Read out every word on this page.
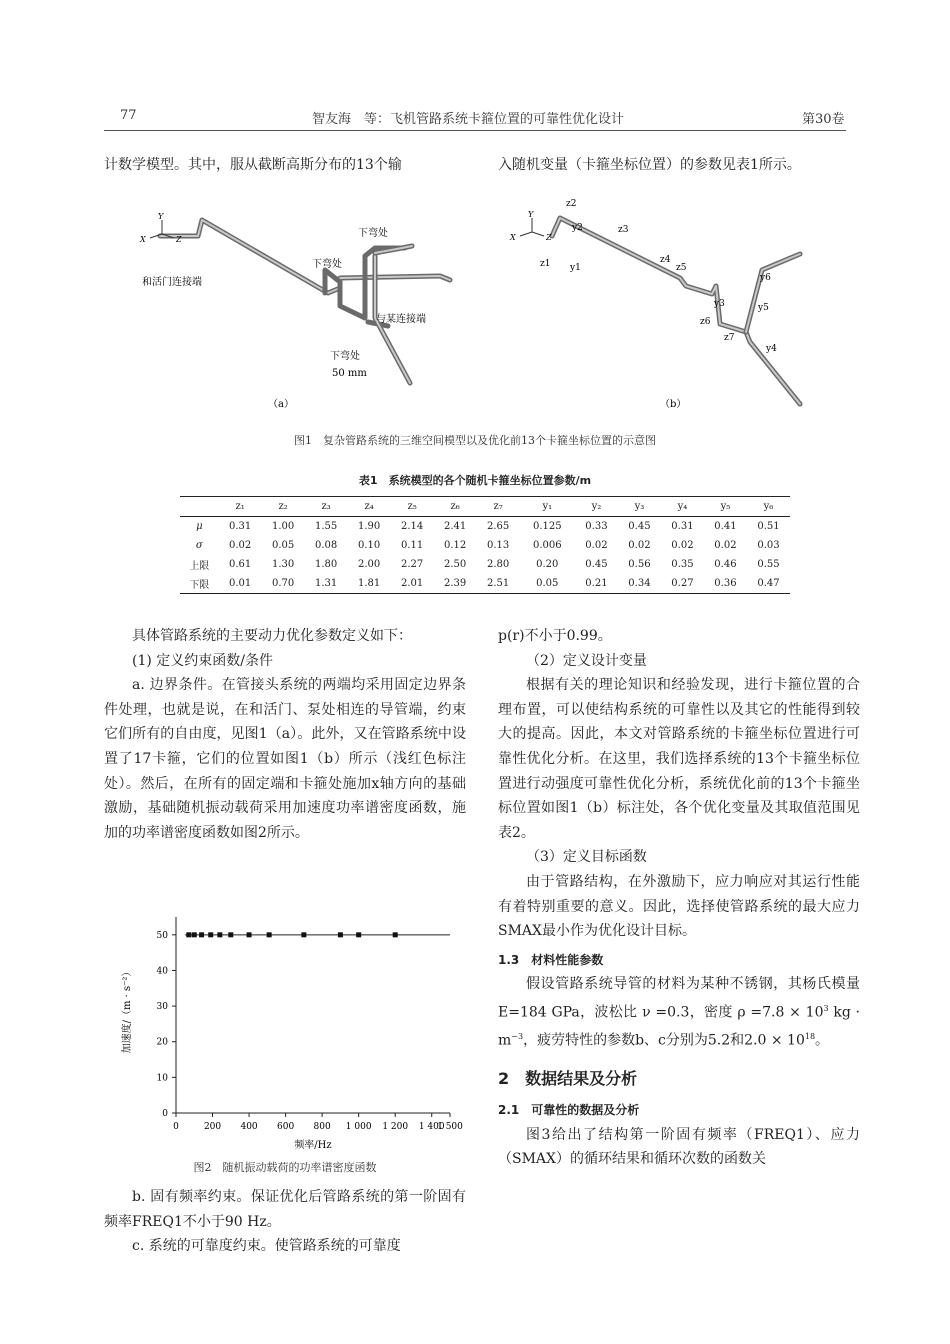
77	智友海　等：飞机管路系统卡箍位置的可靠性优化设计	第30卷
计数学模型。其中，服从截断高斯分布的13个输	入随机变量（卡箍坐标位置）的参数见表1所示。
Y
X	Z
下弯处
下弯处
和活门连接端
与某连接端
下弯处
50 mm
（a）
Y
X	Z
z1
z2
z3
z4
z5
z6
z7
y1
y2
y3
y4
y5
y6
（b）
图1　复杂管路系统的三维空间模型以及优化前13个卡箍坐标位置的示意图
表1　系统模型的各个随机卡箍坐标位置参数/m
	z₁	z₂	z₃	z₄	z₅	z₆	z₇	y₁	y₂	y₃	y₄	y₅	y₆
μ	0.31	1.00	1.55	1.90	2.14	2.41	2.65	0.125	0.33	0.45	0.31	0.41	0.51
σ	0.02	0.05	0.08	0.10	0.11	0.12	0.13	0.006	0.02	0.02	0.02	0.02	0.03
上限	0.61	1.30	1.80	2.00	2.27	2.50	2.80	0.20	0.45	0.56	0.35	0.46	0.55
下限	0.01	0.70	1.31	1.81	2.01	2.39	2.51	0.05	0.21	0.34	0.27	0.36	0.47

具体管路系统的主要动力优化参数定义如下：

(1) 定义约束函数/条件

a. 边界条件。在管接头系统的两端均采用固定边界条件处理，也就是说，在和活门、泵处相连的导管端，约束它们所有的自由度，见图1（a）。此外，又在管路系统中设置了17卡箍，它们的位置如图1（b）所示（浅红色标注处）。然后，在所有的固定端和卡箍处施加x轴方向的基础激励，基础随机振动载荷采用加速度功率谱密度函数，施加的功率谱密度函数如图2所示。

0
10
20
30
40
50
0	200 400 600 800 1 000 1 200 1 400
1 500
频率/Hz
加速度/（m · s⁻²）
图2　随机振动载荷的功率谱密度函数

b. 固有频率约束。保证优化后管路系统的第一阶固有频率FREQ1不小于90 Hz。

c. 系统的可靠度约束。使管路系统的可靠度

p(r)不小于0.99。

（2）定义设计变量

根据有关的理论知识和经验发现，进行卡箍位置的合理布置，可以使结构系统的可靠性以及其它的性能得到较大的提高。因此，本文对管路系统的卡箍坐标位置进行可靠性优化分析。在这里，我们选择系统的13个卡箍坐标位置进行动强度可靠性优化分析，系统优化前的13个卡箍坐标位置如图1（b）标注处，各个优化变量及其取值范围见表2。

（3）定义目标函数

由于管路结构，在外激励下，应力响应对其运行性能有着特别重要的意义。因此，选择使管路系统的最大应力SMAX最小作为优化设计目标。

1.3　材料性能参数

假设管路系统导管的材料为某种不锈钢，其杨氏模量E=184 GPa，波松比 ν =0.3，密度 $\rho =7.8 \times 10^3$ kg · $m^{-3}$，疲劳特性的参数b、c分别为5.2和$2.0 \times 10^{18}$。

2　数据结果及分析

2.1　可靠性的数据及分析

图3给出了结构第一阶固有频率（FREQ1）、应力（SMAX）的循环结果和循环次数的函数关
